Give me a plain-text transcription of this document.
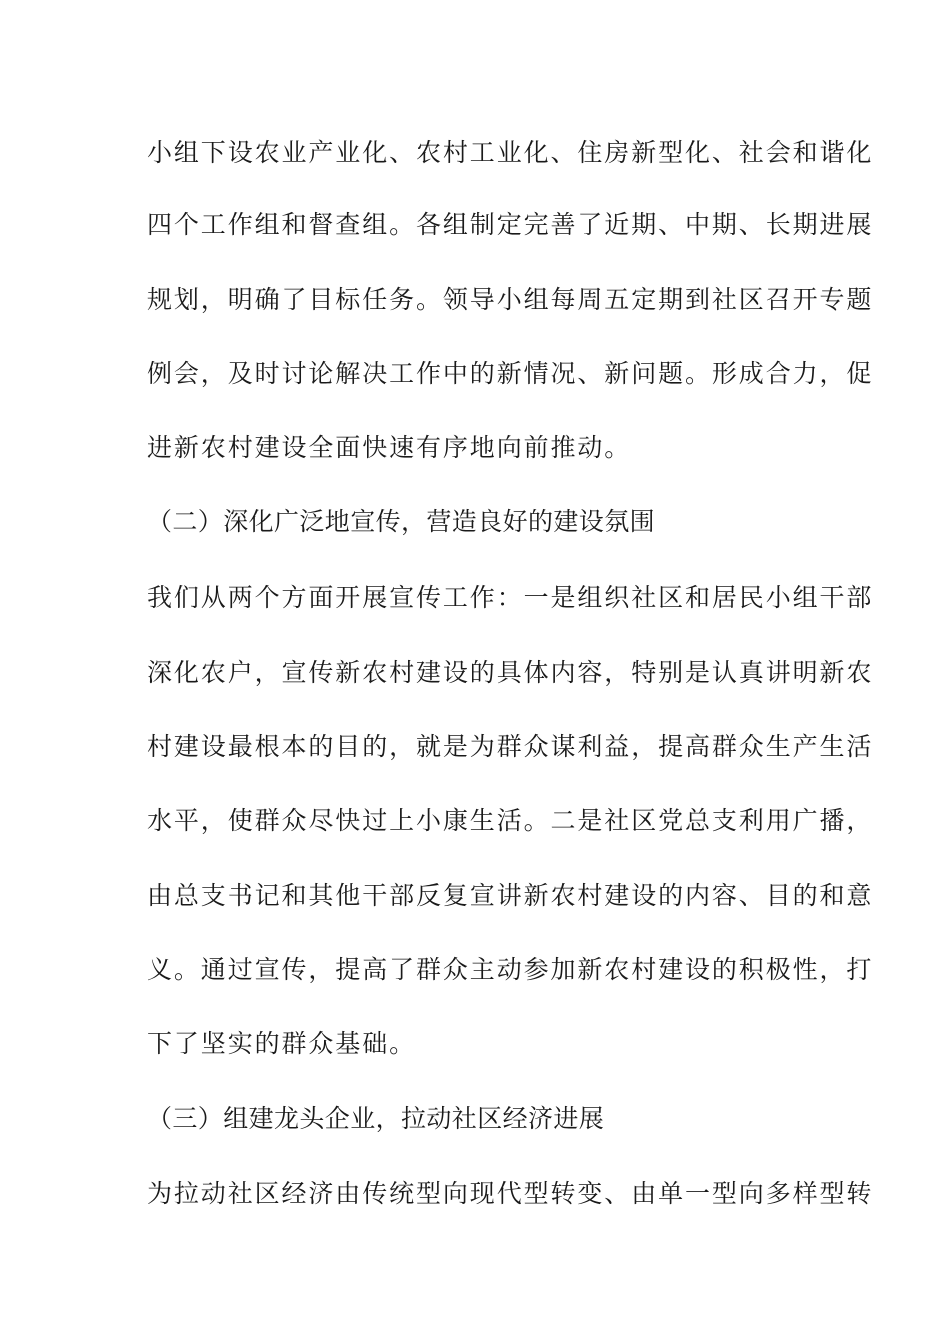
小组下设农业产业化、农村工业化、住房新型化、社会和谐化
四个工作组和督查组。各组制定完善了近期、中期、长期进展
规划，明确了目标任务。领导小组每周五定期到社区召开专题
例会，及时讨论解决工作中的新情况、新问题。形成合力，促
进新农村建设全面快速有序地向前推动。
（二）深化广泛地宣传，营造良好的建设氛围
我们从两个方面开展宣传工作：一是组织社区和居民小组干部
深化农户，宣传新农村建设的具体内容，特别是认真讲明新农
村建设最根本的目的，就是为群众谋利益，提高群众生产生活
水平，使群众尽快过上小康生活。二是社区党总支利用广播，
由总支书记和其他干部反复宣讲新农村建设的内容、目的和意
义。通过宣传，提高了群众主动参加新农村建设的积极性，打
下了坚实的群众基础。
（三）组建龙头企业，拉动社区经济进展
为拉动社区经济由传统型向现代型转变、由单一型向多样型转
